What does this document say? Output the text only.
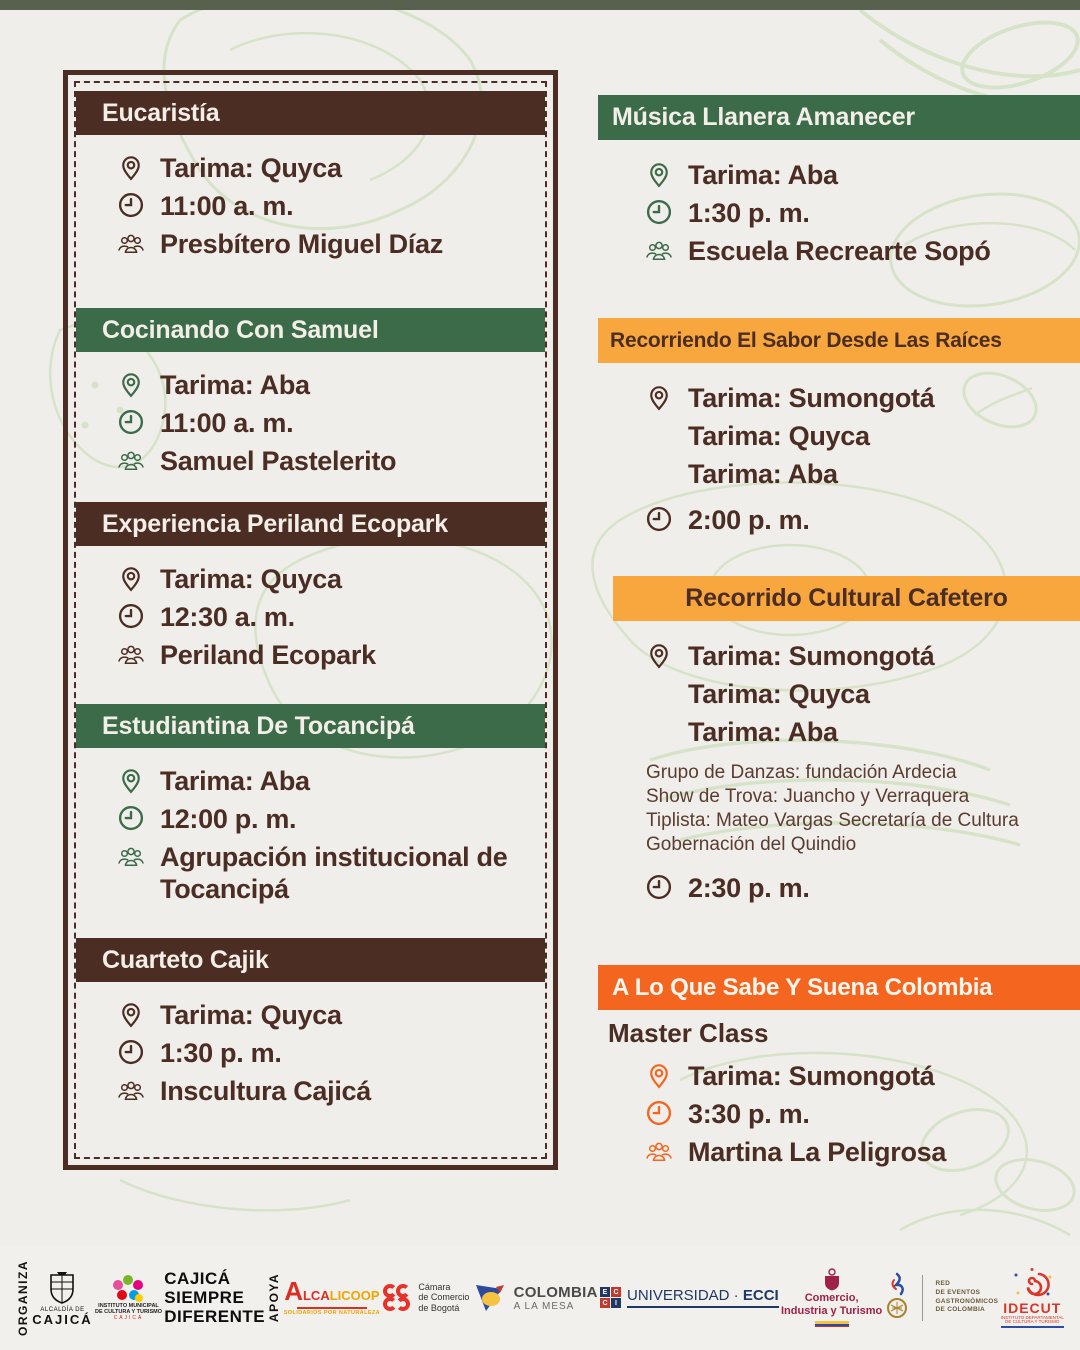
Eucaristía
Tarima: Quyca
11:00 a. m.
Presbítero Miguel Díaz
Cocinando Con Samuel
Tarima: Aba
11:00 a. m.
Samuel Pastelerito
Experiencia Periland Ecopark
Tarima: Quyca
12:30 a. m.
Periland Ecopark
Estudiantina De Tocancipá
Tarima: Aba
12:00 p. m.
Agrupación institucional de Tocancipá
Cuarteto Cajik
Tarima: Quyca
1:30 p. m.
Inscultura Cajicá
Música Llanera Amanecer
Tarima: Aba
1:30 p. m.
Escuela Recrearte Sopó
Recorriendo El Sabor Desde Las Raíces
Tarima: Sumongotá
Tarima: Quyca
Tarima: Aba
2:00 p. m.
Recorrido Cultural Cafetero
Tarima: Sumongotá
Tarima: Quyca
Tarima: Aba
Grupo de Danzas: fundación Ardecia
Show de Trova: Juancho y Verraquera
Tiplista: Mateo Vargas Secretaría de Cultura
Gobernación del Quindio
2:30 p. m.
A Lo Que Sabe Y Suena Colombia
Master Class
Tarima: Sumongotá
3:30 p. m.
Martina La Peligrosa
ORGANIZA ALCALDÍA DE
CAJICÁ
INSTITUTO MUNICIPAL
DE CULTURA Y TURISMO
CAJICÁ
CAJICÁ
SIEMPRE
DIFERENTE APOYA A LCA LICOOP
SOLIDARIOS POR NATURALEZA
Cámara
de Comercio
de Bogotá
COLOMBIA
A LA MESA
E C
C	I UNIVERSIDAD · ECCI Comercio,
Industria y Turismo
RED
DE EVENTOS
GASTRONÓMICOS
DE COLOMBIA	IDECUT
INSTITUTO DEPARTAMENTAL
DE CULTURA Y TURISMO
